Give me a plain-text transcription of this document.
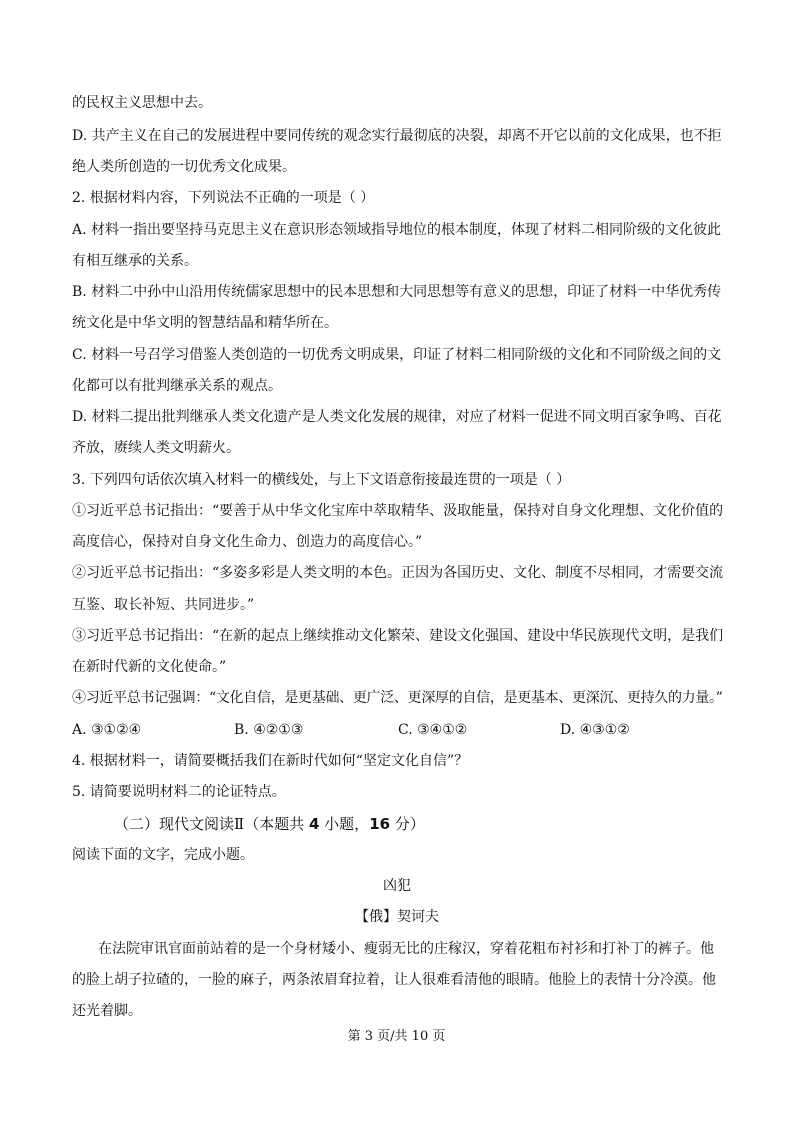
的民权主义思想中去。
D. 共产主义在自己的发展进程中要同传统的观念实行最彻底的决裂，却离不开它以前的文化成果，也不拒
绝人类所创造的一切优秀文化成果。
2. 根据材料内容，下列说法不正确的一项是（ ）
A. 材料一指出要坚持马克思主义在意识形态领域指导地位的根本制度，体现了材料二相同阶级的文化彼此
有相互继承的关系。
B. 材料二中孙中山沿用传统儒家思想中的民本思想和大同思想等有意义的思想，印证了材料一中华优秀传
统文化是中华文明的智慧结晶和精华所在。
C. 材料一号召学习借鉴人类创造的一切优秀文明成果，印证了材料二相同阶级的文化和不同阶级之间的文
化都可以有批判继承关系的观点。
D. 材料二提出批判继承人类文化遗产是人类文化发展的规律，对应了材料一促进不同文明百家争鸣、百花
齐放，赓续人类文明薪火。
3. 下列四句话依次填入材料一的横线处，与上下文语意衔接最连贯的一项是（ ）
①习近平总书记指出：“要善于从中华文化宝库中萃取精华、汲取能量，保持对自身文化理想、文化价值的
高度信心，保持对自身文化生命力、创造力的高度信心。”
②习近平总书记指出：“多姿多彩是人类文明的本色。正因为各国历史、文化、制度不尽相同，才需要交流
互鉴、取长补短、共同进步。”
③习近平总书记指出：“在新的起点上继续推动文化繁荣、建设文化强国、建设中华民族现代文明，是我们
在新时代新的文化使命。”
④习近平总书记强调：“文化自信，是更基础、更广泛、更深厚的自信，是更基本、更深沉、更持久的力量。”
A. ③①②④	B. ④②①③	C. ③④①②	D. ④③①②
4. 根据材料一，请简要概括我们在新时代如何“坚定文化自信”？
5. 请简要说明材料二的论证特点。
（二）现代文阅读Ⅱ（本题共 4 小题，16 分）
阅读下面的文字，完成小题。
凶犯
【俄】契诃夫
在法院审讯官面前站着的是一个身材矮小、瘦弱无比的庄稼汉，穿着花粗布衬衫和打补丁的裤子。他
的脸上胡子拉碴的，一脸的麻子，两条浓眉耷拉着，让人很难看清他的眼睛。他脸上的表情十分冷漠。他
还光着脚。
第 3 页/共 10 页
